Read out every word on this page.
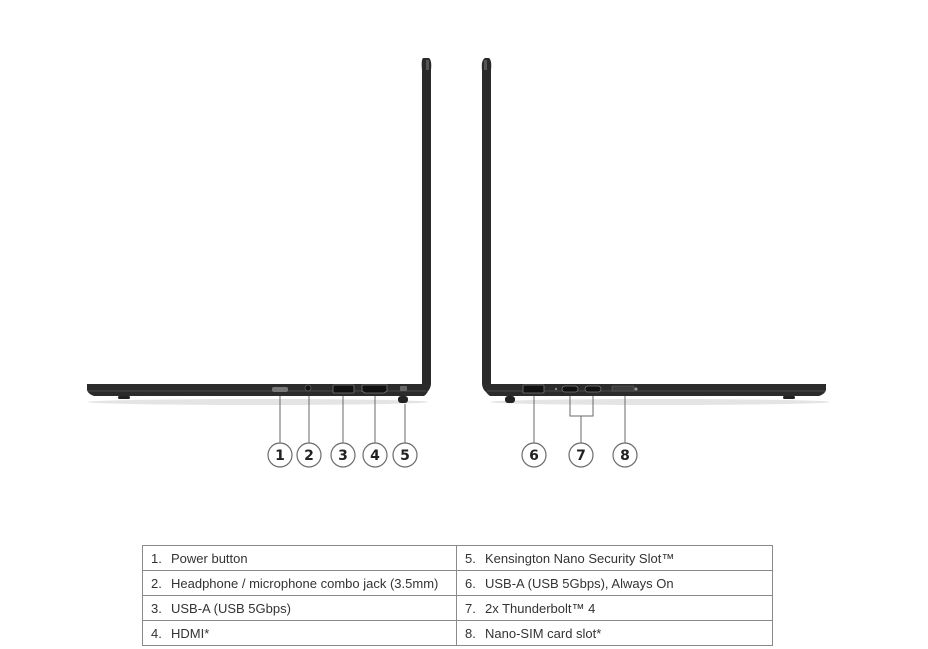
1 2 3 4 5	6	7 8
1. Power button	5. Kensington Nano Security Slot™
2. Headphone / microphone combo jack (3.5mm)	6. USB-A (USB 5Gbps), Always On
3. USB-A (USB 5Gbps)	7. 2x Thunderbolt™ 4
4. HDMI*	8. Nano-SIM card slot*
